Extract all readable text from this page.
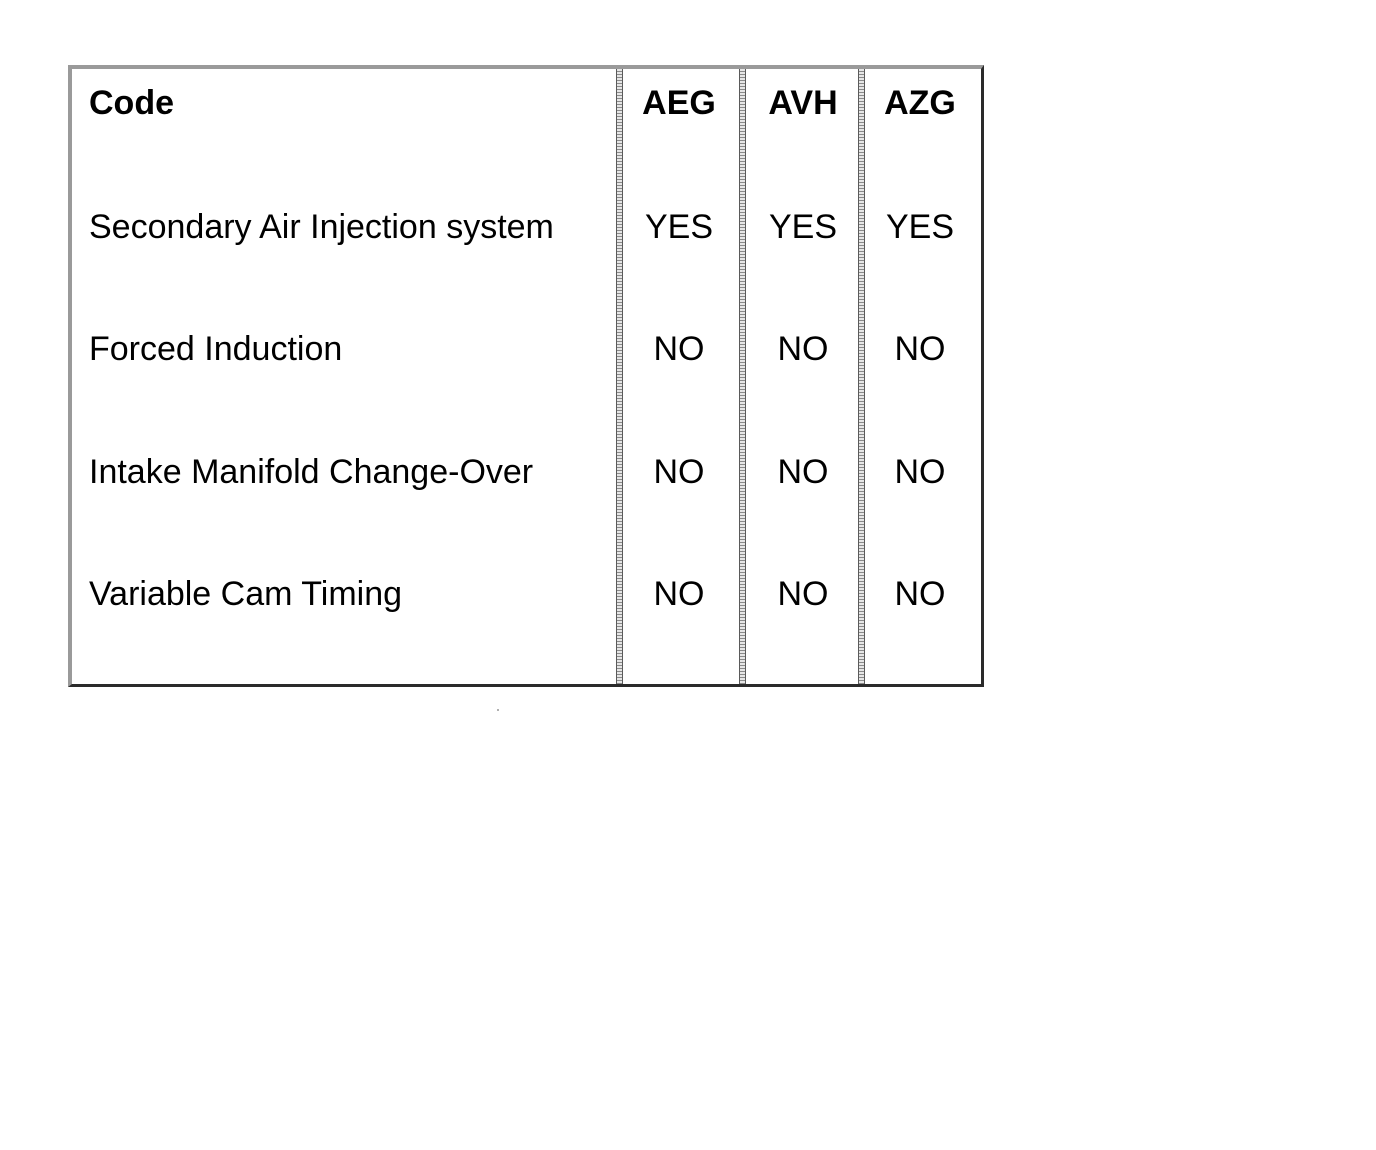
Code	AEG	AVH	AZG
Secondary Air Injection system	YES	YES	YES
Forced Induction	NO	NO	NO
Intake Manifold Change-Over	NO	NO	NO
Variable Cam Timing	NO	NO	NO
